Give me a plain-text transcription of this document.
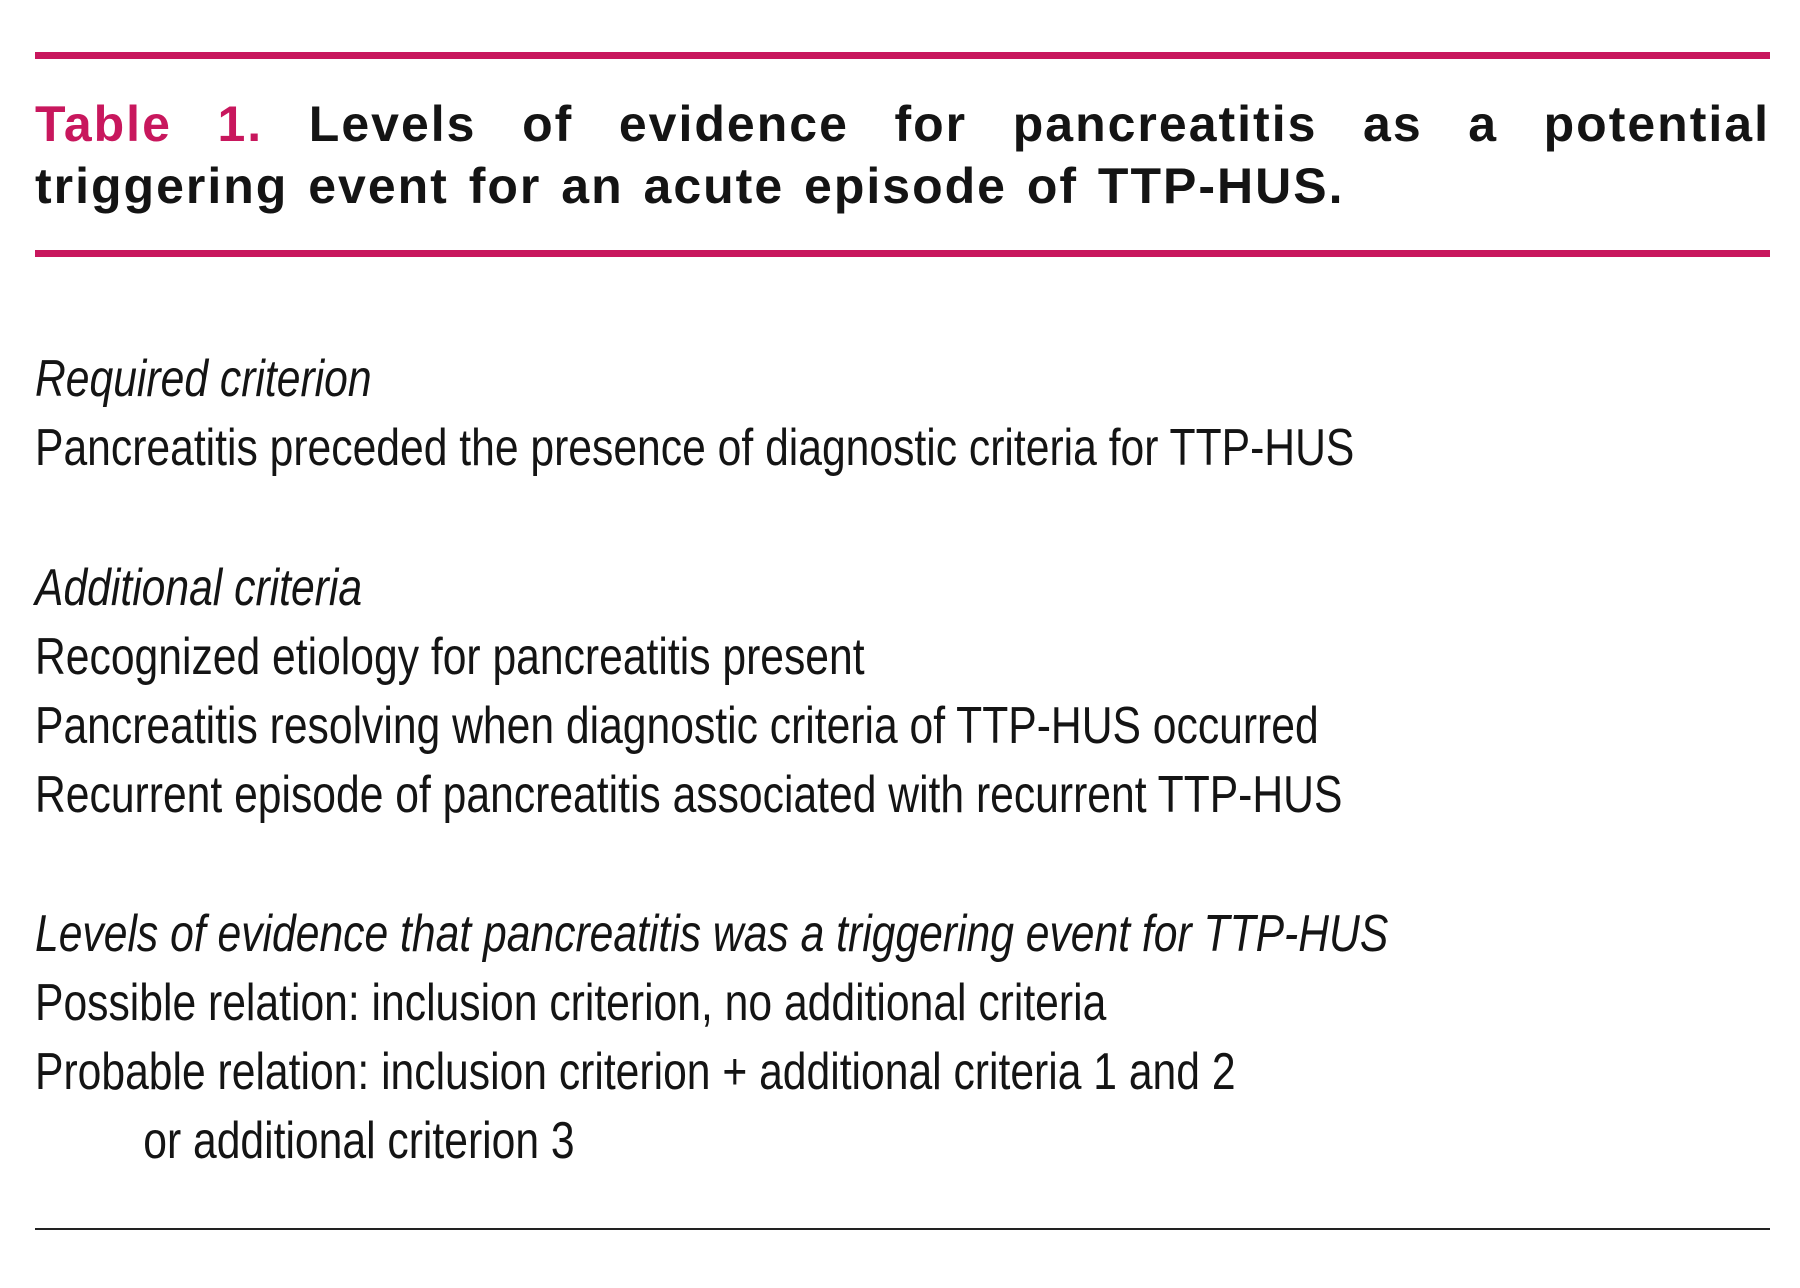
Table 1. Levels of evidence for pancreatitis as a potential triggering event for an acute episode of TTP-HUS.

Required criterion

Pancreatitis preceded the presence of diagnostic criteria for TTP-HUS

Additional criteria

Recognized etiology for pancreatitis present

Pancreatitis resolving when diagnostic criteria of TTP-HUS occurred

Recurrent episode of pancreatitis associated with recurrent TTP-HUS

Levels of evidence that pancreatitis was a triggering event for TTP-HUS

Possible relation: inclusion criterion, no additional criteria

Probable relation: inclusion criterion + additional criteria 1 and 2

or additional criterion 3
